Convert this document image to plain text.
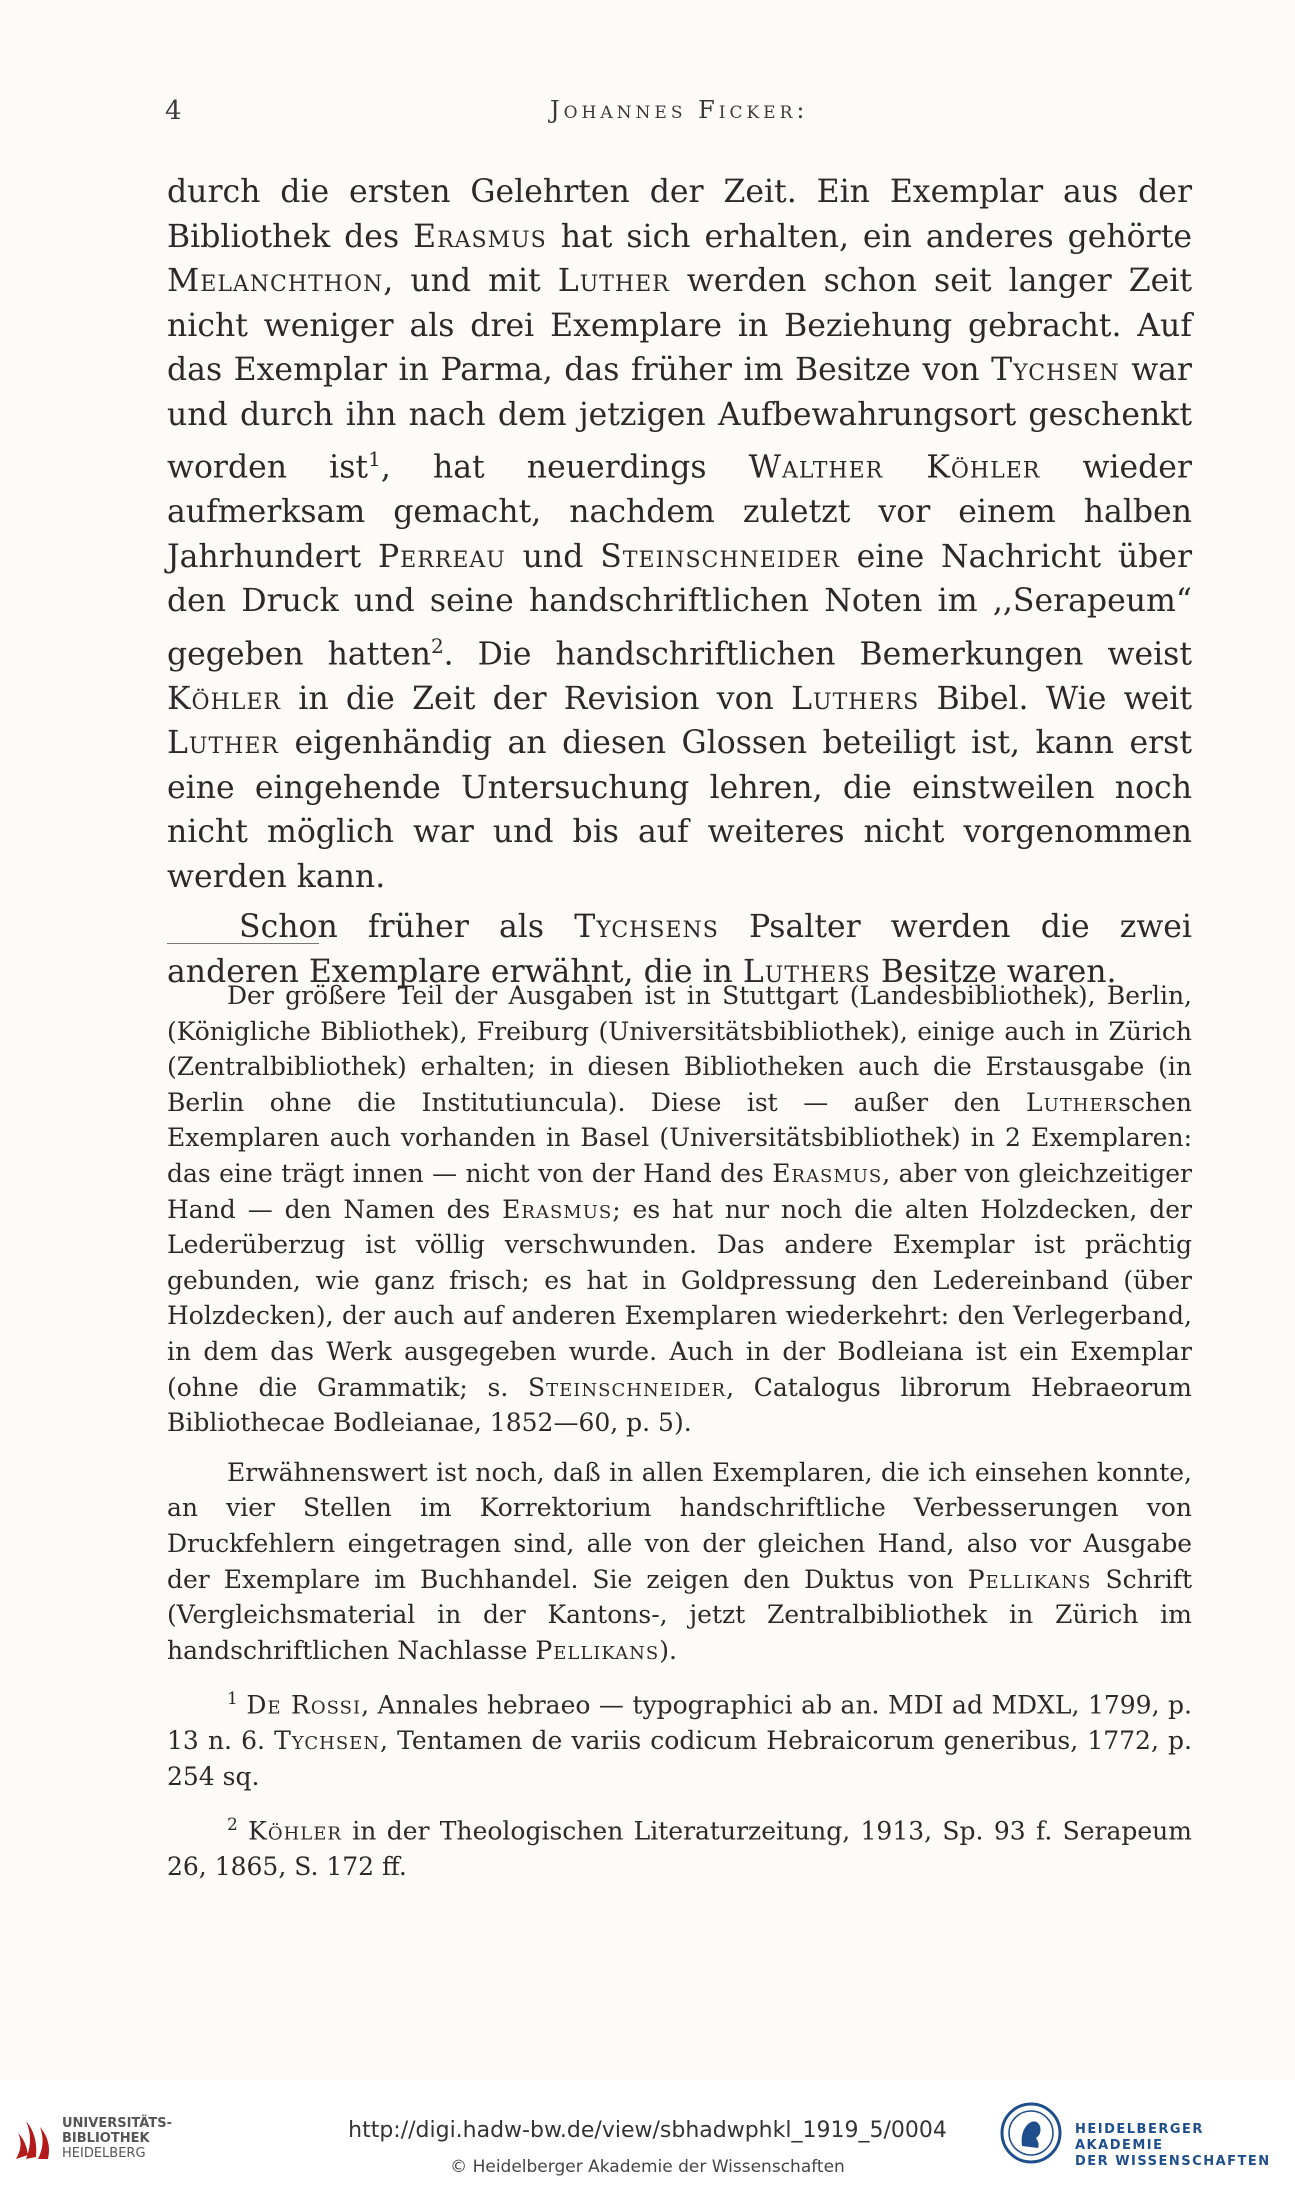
4	Johannes Ficker:

durch die ersten Gelehrten der Zeit. Ein Exemplar aus der Bibliothek des Erasmus hat sich erhalten, ein anderes gehörte Melanchthon, und mit Luther werden schon seit langer Zeit nicht weniger als drei Exemplare in Beziehung gebracht. Auf das Exemplar in Parma, das früher im Besitze von Tychsen war und durch ihn nach dem jetzigen Aufbewahrungsort geschenkt worden ist$^1$, hat neuerdings Walther Köhler wieder aufmerksam gemacht, nachdem zuletzt vor einem halben Jahrhundert Perreau und Steinschneider eine Nachricht über den Druck und seine handschriftlichen Noten im ,,Serapeum“ gegeben hatten$^2$. Die handschriftlichen Bemerkungen weist Köhler in die Zeit der Revision von Luthers Bibel. Wie weit Luther eigenhändig an diesen Glossen beteiligt ist, kann erst eine eingehende Untersuchung lehren, die einstweilen noch nicht möglich war und bis auf weiteres nicht vorgenommen werden kann.

Schon früher als Tychsens Psalter werden die zwei anderen Exemplare erwähnt, die in Luthers Besitze waren.

Der größere Teil der Ausgaben ist in Stuttgart (Landesbibliothek), Berlin, (Königliche Bibliothek), Freiburg (Universitätsbibliothek), einige auch in Zürich (Zentralbibliothek) erhalten; in diesen Bibliotheken auch die Erstausgabe (in Berlin ohne die Institutiuncula). Diese ist — außer den Lutherschen Exemplaren auch vorhanden in Basel (Universitätsbibliothek) in 2 Exemplaren: das eine trägt innen — nicht von der Hand des Erasmus, aber von gleichzeitiger Hand — den Namen des Erasmus; es hat nur noch die alten Holzdecken, der Lederüberzug ist völlig verschwunden. Das andere Exemplar ist prächtig gebunden, wie ganz frisch; es hat in Goldpressung den Ledereinband (über Holzdecken), der auch auf anderen Exemplaren wiederkehrt: den Verlegerband, in dem das Werk ausgegeben wurde. Auch in der Bodleiana ist ein Exemplar (ohne die Grammatik; s. Steinschneider, Catalogus librorum Hebraeorum Bibliothecae Bodleianae, 1852—60, p. 5).

Erwähnenswert ist noch, daß in allen Exemplaren, die ich einsehen konnte, an vier Stellen im Korrektorium handschriftliche Verbesserungen von Druckfehlern eingetragen sind, alle von der gleichen Hand, also vor Ausgabe der Exemplare im Buchhandel. Sie zeigen den Duktus von Pellikans Schrift (Vergleichsmaterial in der Kantons-, jetzt Zentralbibliothek in Zürich im handschriftlichen Nachlasse Pellikans).

$^1$ De Rossi, Annales hebraeo — typographici ab an. MDI ad MDXL, 1799, p. 13 n. 6. Tychsen, Tentamen de variis codicum Hebraicorum generibus, 1772, p. 254 sq.

$^2$ Köhler in der Theologischen Literaturzeitung, 1913, Sp. 93 f. Serapeum 26, 1865, S. 172 ff.

UNIVERSITÄTS-
BIBLIOTHEK
HEIDELBERG
http://digi.hadw-bw.de/view/sbhadwphkl_1919_5/0004
© Heidelberger Akademie der Wissenschaften
HEIDELBERGER AKADEMIE
DER WISSENSCHAFTEN
